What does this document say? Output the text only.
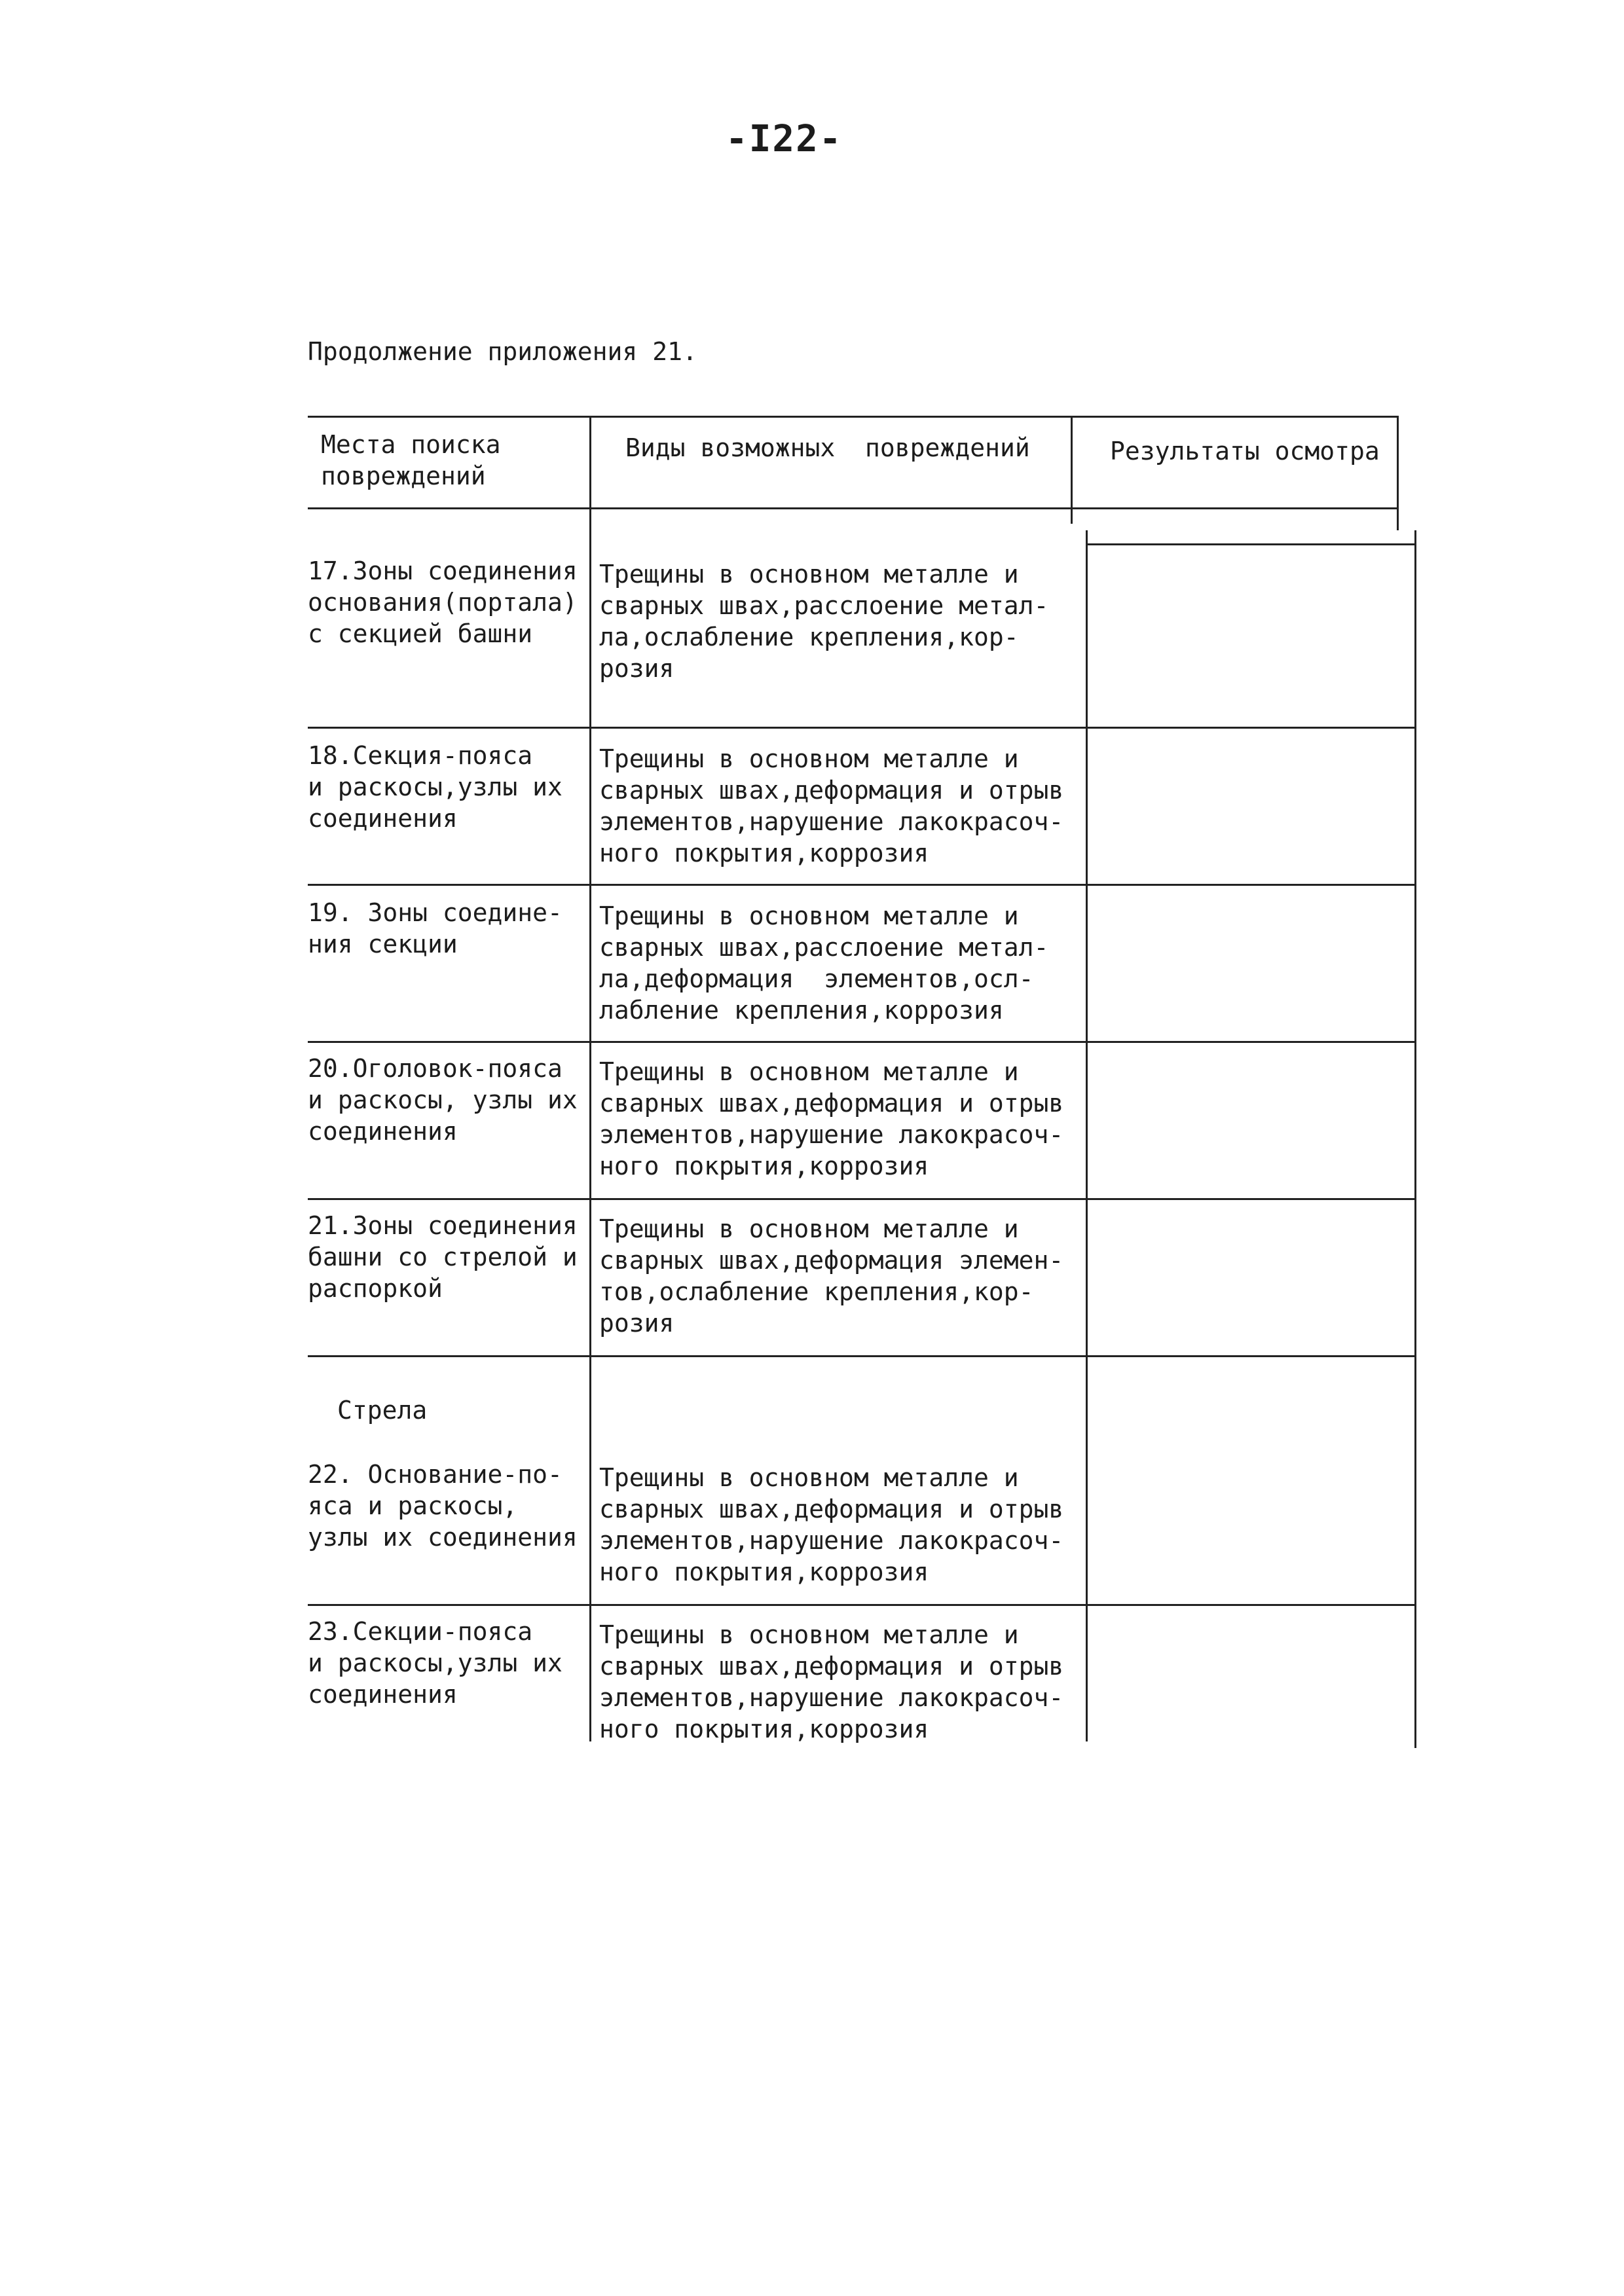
-I22-
Продолжение приложения 21.
Места поиска
повреждений
Виды возможных  повреждений	Результаты осмотра
17.Зоны соединения
основания(портала)
с секцией башни
Трещины в основном металле и
сварных швах,расслоение метал-
ла,ослабление крепления,кор-
розия
18.Секция-пояса
и раскосы,узлы их
соединения
Трещины в основном металле и
сварных швах,деформация и отрыв
элементов,нарушение лакокрасоч-
ного покрытия,коррозия
19. Зоны соедине-
ния секции
Трещины в основном металле и
сварных швах,расслоение метал-
ла,деформация  элементов,осл-
лабление крепления,коррозия
20.Оголовок-пояса
и раскосы, узлы их
соединения
Трещины в основном металле и
сварных швах,деформация и отрыв
элементов,нарушение лакокрасоч-
ного покрытия,коррозия
21.Зоны соединения
башни со стрелой и
распоркой
Трещины в основном металле и
сварных швах,деформация элемен-
тов,ослабление крепления,кор-
розия
Стрела
22. Основание-по-
яса и раскосы,
узлы их соединения
Трещины в основном металле и
сварных швах,деформация и отрыв
элементов,нарушение лакокрасоч-
ного покрытия,коррозия
23.Секции-пояса
и раскосы,узлы их
соединения
Трещины в основном металле и
сварных швах,деформация и отрыв
элементов,нарушение лакокрасоч-
ного покрытия,коррозия
